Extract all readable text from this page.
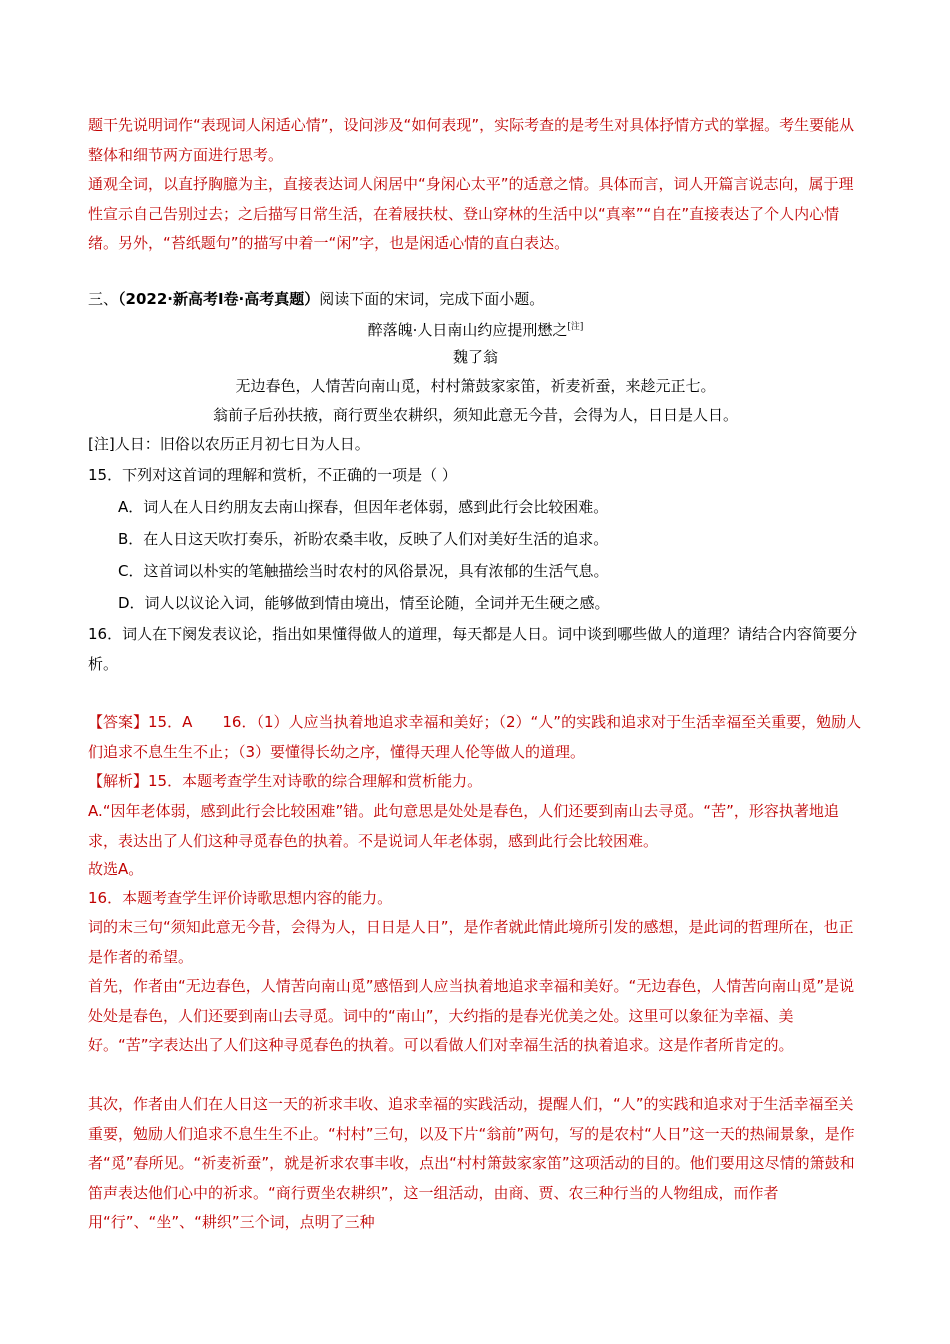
题干先说明词作“表现词人闲适心情”，设问涉及“如何表现”，实际考查的是考生对具体抒情方式的掌握。考生要能从整体和细节两方面进行思考。

通观全词，以直抒胸臆为主，直接表达词人闲居中“身闲心太平”的适意之情。具体而言，词人开篇言说志向，属于理性宣示自己告别过去；之后描写日常生活，在着屐扶杖、登山穿林的生活中以“真率”“自在”直接表达了个人内心情绪。另外，“苔纸题句”的描写中着一“闲”字，也是闲适心情的直白表达。

三、（2022·新高考Ⅰ卷·高考真题）阅读下面的宋词，完成下面小题。

醉落魄·人日南山约应提刑懋之[注]
魏了翁
无边春色，人情苦向南山觅，村村箫鼓家家笛，祈麦祈蚕，来趁元正七。
翁前子后孙扶掖，商行贾坐农耕织，须知此意无今昔，会得为人，日日是人日。

[注]人日：旧俗以农历正月初七日为人日。

15．下列对这首词的理解和赏析，不正确的一项是（ ）

A．词人在人日约朋友去南山探春，但因年老体弱，感到此行会比较困难。
B．在人日这天吹打奏乐，祈盼农桑丰收，反映了人们对美好生活的追求。
C．这首词以朴实的笔触描绘当时农村的风俗景况，具有浓郁的生活气息。
D．词人以议论入词，能够做到情由境出，情至论随，全词并无生硬之感。

16．词人在下阕发表议论，指出如果懂得做人的道理，每天都是人日。词中谈到哪些做人的道理？请结合内容简要分析。

【答案】15．A　　16．（1）人应当执着地追求幸福和美好；（2）“人”的实践和追求对于生活幸福至关重要，勉励人们追求不息生生不止；（3）要懂得长幼之序，懂得天理人伦等做人的道理。

【解析】15．本题考查学生对诗歌的综合理解和赏析能力。

A.“因年老体弱，感到此行会比较困难”错。此句意思是处处是春色，人们还要到南山去寻觅。“苦”，形容执著地追求，表达出了人们这种寻觅春色的执着。不是说词人年老体弱，感到此行会比较困难。

故选A。

16．本题考查学生评价诗歌思想内容的能力。

词的末三句“须知此意无今昔，会得为人，日日是人日”，是作者就此情此境所引发的感想，是此词的哲理所在，也正是作者的希望。

首先，作者由“无边春色，人情苦向南山觅”感悟到人应当执着地追求幸福和美好。“无边春色，人情苦向南山觅”是说处处是春色，人们还要到南山去寻觅。词中的“南山”，大约指的是春光优美之处。这里可以象征为幸福、美好。“苦”字表达出了人们这种寻觅春色的执着。可以看做人们对幸福生活的执着追求。这是作者所肯定的。

其次，作者由人们在人日这一天的祈求丰收、追求幸福的实践活动，提醒人们，“人”的实践和追求对于生活幸福至关重要，勉励人们追求不息生生不止。“村村”三句，以及下片“翁前”两句，写的是农村“人日”这一天的热闹景象，是作者“觅”春所见。“祈麦祈蚕”，就是祈求农事丰收，点出“村村箫鼓家家笛”这项活动的目的。他们要用这尽情的箫鼓和笛声表达他们心中的祈求。“商行贾坐农耕织”，这一组活动，由商、贾、农三种行当的人物组成，而作者用“行”、“坐”、“耕织”三个词，点明了三种
